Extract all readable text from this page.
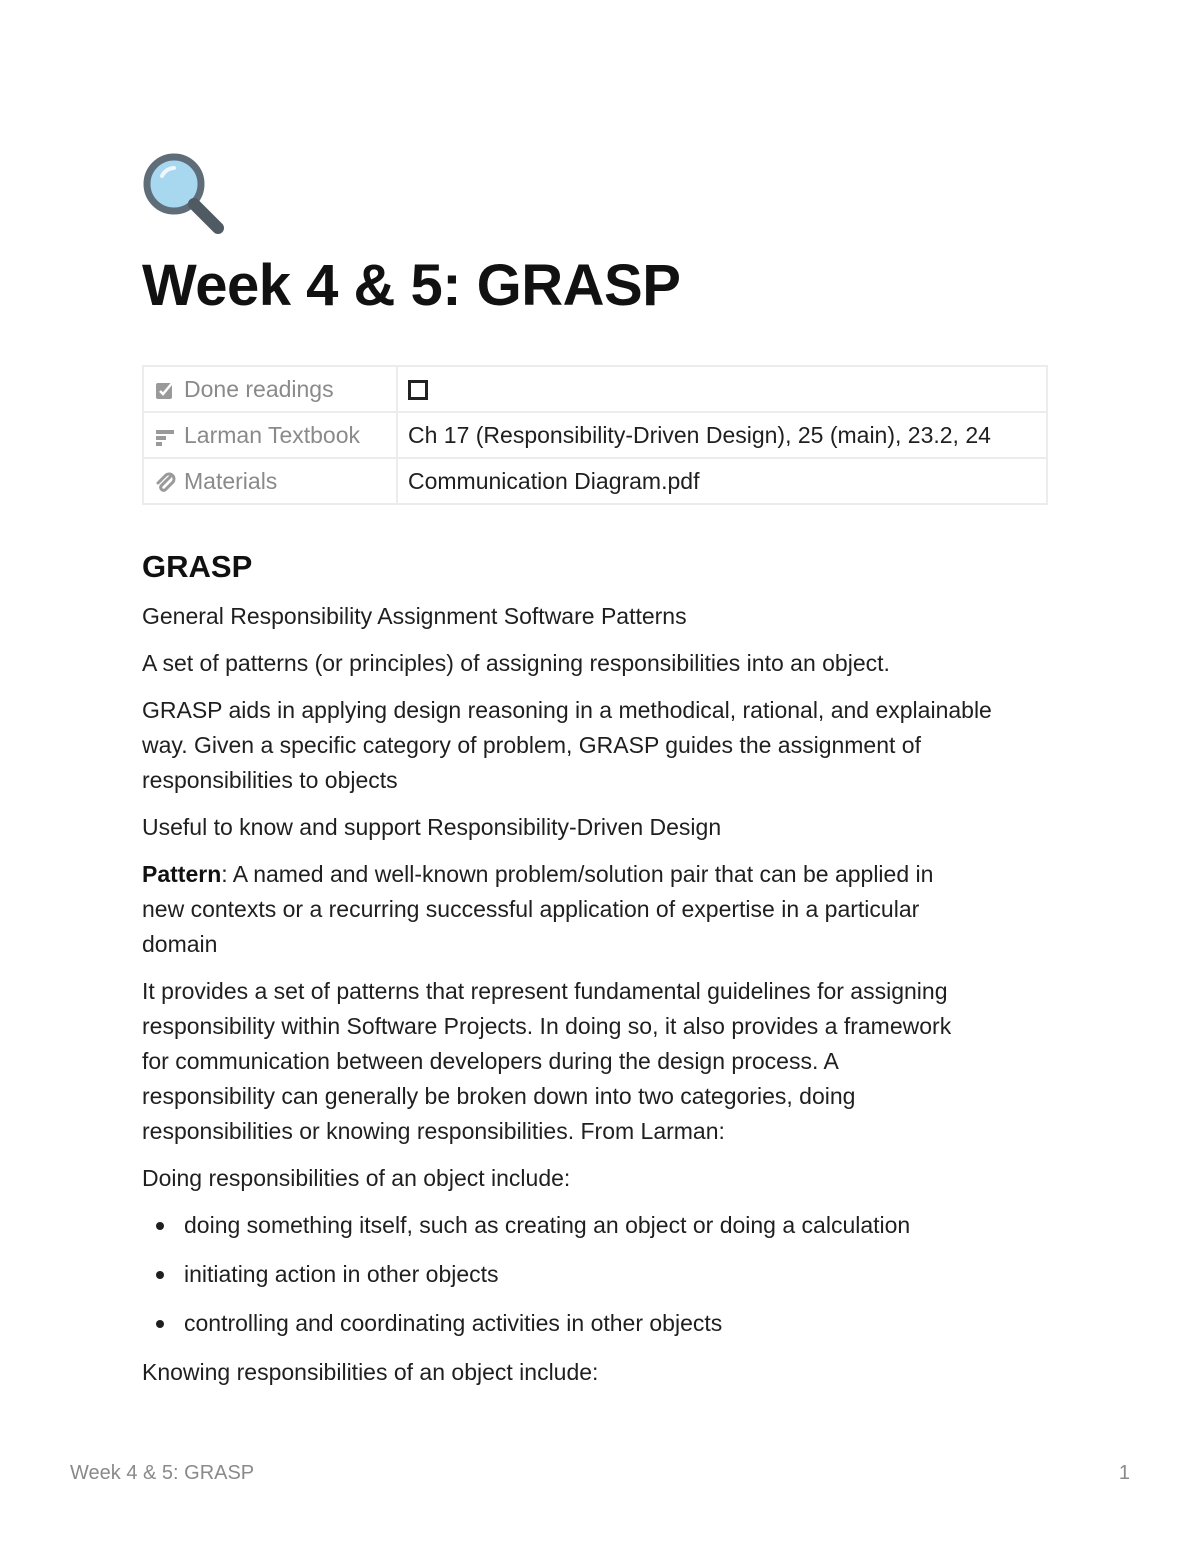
Week 4 & 5: GRASP
Done readings	
Larman Textbook	Ch 17 (Responsibility-Driven Design), 25 (main), 23.2, 24
Materials	Communication Diagram.pdf
GRASP

General Responsibility Assignment Software Patterns

A set of patterns (or principles) of assigning responsibilities into an object.

GRASP aids in applying design reasoning in a methodical, rational, and explainable
way. Given a specific category of problem, GRASP guides the assignment of
responsibilities to objects

Useful to know and support Responsibility-Driven Design

Pattern: A named and well-known problem/solution pair that can be applied in
new contexts or a recurring successful application of expertise in a particular
domain

It provides a set of patterns that represent fundamental guidelines for assigning
responsibility within Software Projects. In doing so, it also provides a framework
for communication between developers during the design process. A
responsibility can generally be broken down into two categories, doing
responsibilities or knowing responsibilities. From Larman:

Doing responsibilities of an object include:

doing something itself, such as creating an object or doing a calculation
initiating action in other objects
controlling and coordinating activities in other objects

Knowing responsibilities of an object include:

Week 4 & 5: GRASP	1
